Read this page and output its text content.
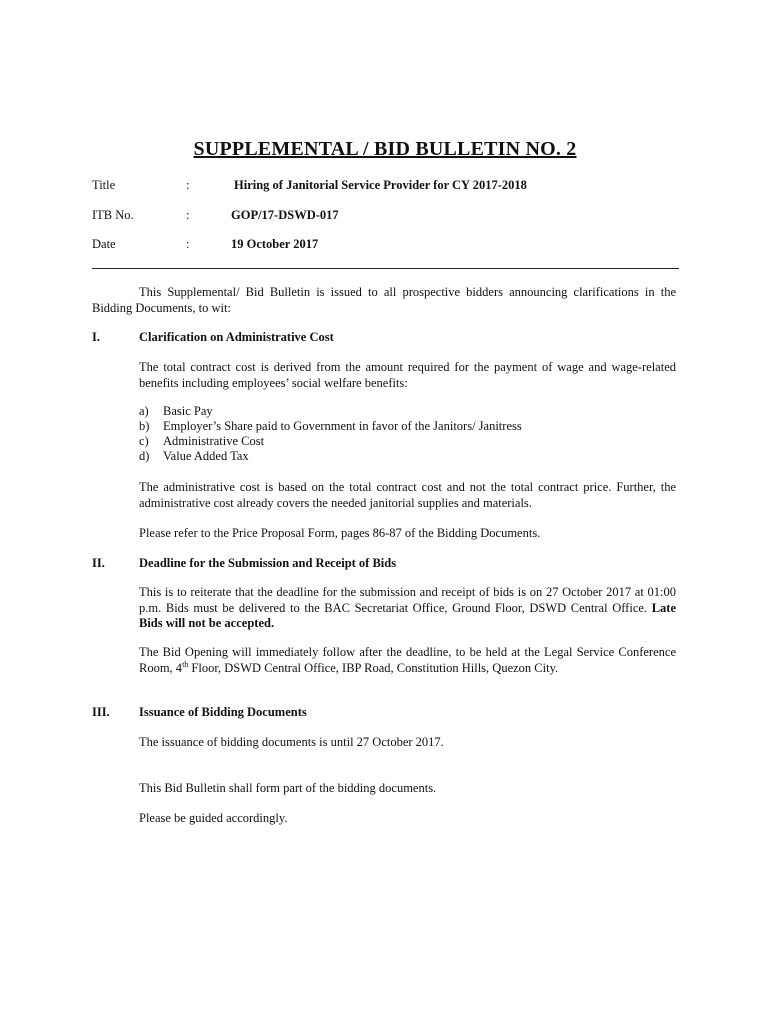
SUPPLEMENTAL / BID BULLETIN NO. 2
Title	:	Hiring of Janitorial Service Provider for CY 2017-2018
ITB No.	:	GOP/17-DSWD-017
Date	:	19 October 2017
This Supplemental/ Bid Bulletin is issued to all prospective bidders announcing clarifications in the Bidding Documents, to wit:
I.	Clarification on Administrative Cost
The total contract cost is derived from the amount required for the payment of wage and wage-related benefits including employees’ social welfare benefits:
a) Basic Pay
b) Employer’s Share paid to Government in favor of the Janitors/ Janitress
c) Administrative Cost
d) Value Added Tax
The administrative cost is based on the total contract cost and not the total contract price. Further, the administrative cost already covers the needed janitorial supplies and materials.
Please refer to the Price Proposal Form, pages 86-87 of the Bidding Documents.
II.	Deadline for the Submission and Receipt of Bids
This is to reiterate that the deadline for the submission and receipt of bids is on 27 October 2017 at 01:00 p.m. Bids must be delivered to the BAC Secretariat Office, Ground Floor, DSWD Central Office. Late Bids will not be accepted.
The Bid Opening will immediately follow after the deadline, to be held at the Legal Service Conference Room, 4th Floor, DSWD Central Office, IBP Road, Constitution Hills, Quezon City.
III. Issuance of Bidding Documents
The issuance of bidding documents is until 27 October 2017.
This Bid Bulletin shall form part of the bidding documents.
Please be guided accordingly.
